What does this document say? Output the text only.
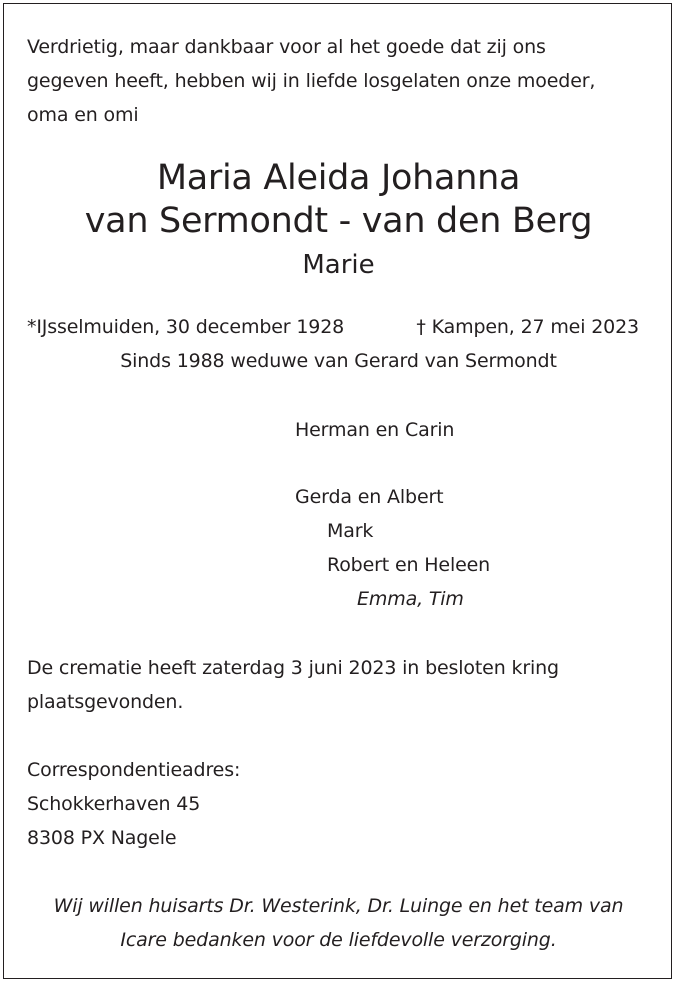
Verdrietig, maar dankbaar voor al het goede dat zij ons
gegeven heeft, hebben wij in liefde losgelaten onze moeder,
oma en omi
Maria Aleida Johanna
van Sermondt - van den Berg
Marie
*IJsselmuiden, 30 december 1928	† Kampen, 27 mei 2023
Sinds 1988 weduwe van Gerard van Sermondt
Herman en Carin
Gerda en Albert
Mark
Robert en Heleen
Emma, Tim
De crematie heeft zaterdag 3 juni 2023 in besloten kring
plaatsgevonden.
Correspondentieadres:
Schokkerhaven 45
8308 PX Nagele
Wij willen huisarts Dr. Westerink, Dr. Luinge en het team van
Icare bedanken voor de liefdevolle verzorging.
